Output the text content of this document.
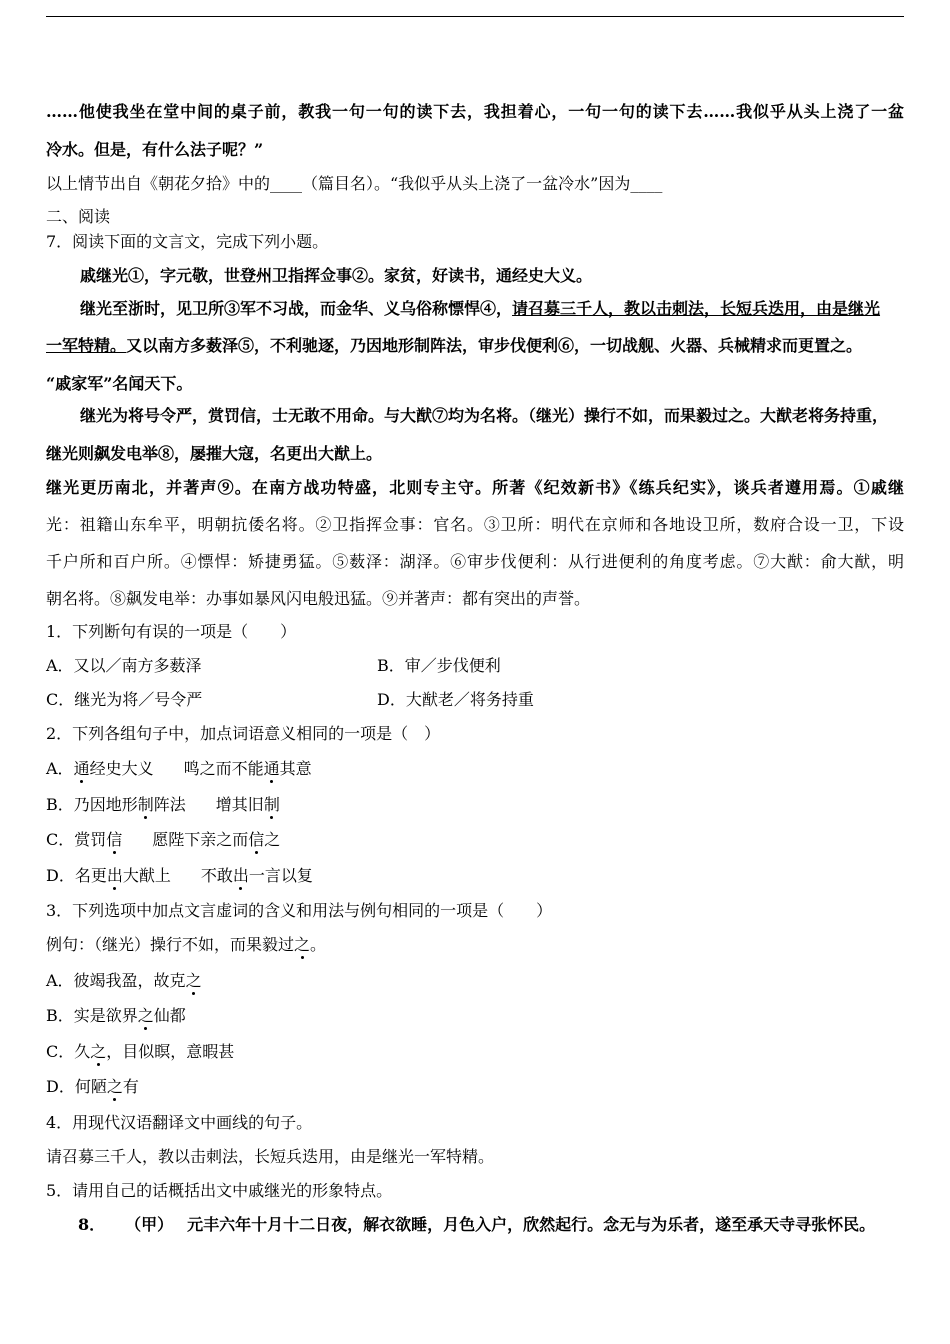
……他使我坐在堂中间的桌子前，教我一句一句的读下去，我担着心，一句一句的读下去……我似乎从头上浇了一盆
冷水。但是，有什么法子呢？”
以上情节出自《朝花夕拾》中的____（篇目名）。“我似乎从头上浇了一盆冷水”因为____
二、阅读
7．阅读下面的文言文，完成下列小题。
戚继光①，字元敬，世登州卫指挥佥事②。家贫，好读书，通经史大义。
继光至浙时，见卫所③军不习战，而金华、义乌俗称慓悍④，请召募三千人，教以击刺法，长短兵迭用，由是继光
一军特精。又以南方多薮泽⑤，不利驰逐，乃因地形制阵法，审步伐便利⑥，一切战舰、火器、兵械精求而更置之。
“戚家军”名闻天下。
继光为将号令严，赏罚信，士无敢不用命。与大猷⑦均为名将。（继光）操行不如，而果毅过之。大猷老将务持重，
继光则飙发电举⑧，屡摧大寇，名更出大猷上。
继光更历南北，并著声⑨。在南方战功特盛，北则专主守。所著《纪效新书》《练兵纪实》，谈兵者遵用焉。①戚继
光：祖籍山东牟平，明朝抗倭名将。②卫指挥佥事：官名。③卫所：明代在京师和各地设卫所，数府合设一卫，下设
千户所和百户所。④慓悍：矫捷勇猛。⑤薮泽：湖泽。⑥审步伐便利：从行进便利的角度考虑。⑦大猷：俞大猷，明
朝名将。⑧飙发电举：办事如暴风闪电般迅猛。⑨并著声：都有突出的声誉。
1．下列断句有误的一项是（　　）
A．又以／南方多薮泽	B．审／步伐便利
C．继光为将／号令严	D．大猷老／将务持重
2．下列各组句子中，加点词语意义相同的一项是（　）
A．通经史大义 鸣之而不能通其意
B．乃因地形制阵法 增其旧制
C．赏罚信 愿陛下亲之而信之
D．名更出大猷上 不敢出一言以复
3．下列选项中加点文言虚词的含义和用法与例句相同的一项是（　　）
例句：（继光）操行不如，而果毅过之。
A．彼竭我盈，故克之
B．实是欲界之仙都
C．久之，目似瞑，意暇甚
D．何陋之有
4．用现代汉语翻译文中画线的句子。
请召募三千人，教以击刺法，长短兵迭用，由是继光一军特精。
5．请用自己的话概括出文中戚继光的形象特点。
8． （甲） 元丰六年十月十二日夜，解衣欲睡，月色入户，欣然起行。念无与为乐者，遂至承天寺寻张怀民。
